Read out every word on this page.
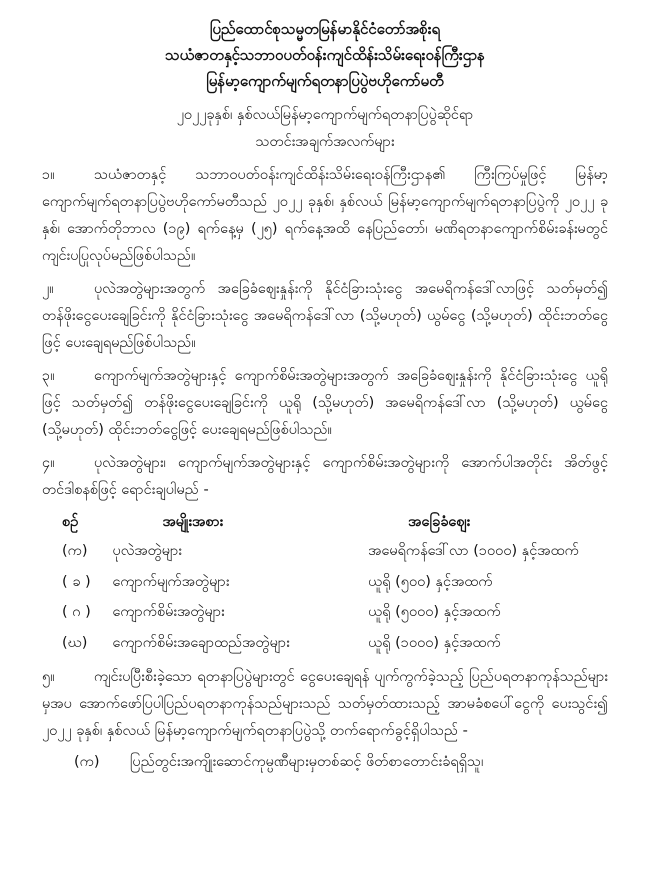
ပြည်ထောင်စုသမ္မတမြန်မာနိုင်ငံတော်အစိုးရ
သယံဇာတနှင့်သဘာဝပတ်ဝန်းကျင်ထိန်းသိမ်းရေးဝန်ကြီးဌာန
မြန်မာ့ကျောက်မျက်ရတနာပြပွဲဗဟိုကော်မတီ
၂၀၂၂ခုနှစ်၊ နှစ်လယ်မြန်မာ့ကျောက်မျက်ရတနာပြပွဲဆိုင်ရာ
သတင်းအချက်အလက်များ
၁။	သယံဇာတနှင့် သဘာဝပတ်ဝန်းကျင်ထိန်းသိမ်းရေးဝန်ကြီးဌာန၏ ကြီးကြပ်မှုဖြင့် မြန်မာ့ကျောက်မျက်ရတနာပြပွဲဗဟိုကော်မတီသည် ၂၀၂၂ ခုနှစ်၊ နှစ်လယ် မြန်မာ့ကျောက်မျက်ရတနာပြပွဲကို ၂၀၂၂ ခုနှစ်၊ အောက်တိုဘာလ (၁၉) ရက်နေ့မှ (၂၅) ရက်နေ့အထိ နေပြည်တော်၊ မဏိရတနာကျောက်စိမ်းခန်းမတွင် ကျင်းပပြုလုပ်မည်ဖြစ်ပါသည်။
၂။	ပုလဲအတွဲများအတွက် အခြေခံဈေးနှုန်းကို နိုင်ငံခြားသုံးငွေ အမေရိကန်ဒေါ်လာဖြင့် သတ်မှတ်၍ တန်ဖိုးငွေပေးချေခြင်းကို နိုင်ငံခြားသုံးငွေ အမေရိကန်ဒေါ်လာ (သို့မဟုတ်) ယွမ်ငွေ (သို့မဟုတ်) ထိုင်းဘတ်ငွေဖြင့် ပေးချေရမည်ဖြစ်ပါသည်။
၃။	ကျောက်မျက်အတွဲများနှင့် ကျောက်စိမ်းအတွဲများအတွက် အခြေခံဈေးနှုန်းကို နိုင်ငံခြားသုံးငွေ ယူရိုဖြင့် သတ်မှတ်၍ တန်ဖိုးငွေပေးချေခြင်းကို ယူရို (သို့မဟုတ်) အမေရိကန်ဒေါ်လာ (သို့မဟုတ်) ယွမ်ငွေ (သို့မဟုတ်) ထိုင်းဘတ်ငွေဖြင့် ပေးချေရမည်ဖြစ်ပါသည်။
၄။	ပုလဲအတွဲများ၊ ကျောက်မျက်အတွဲများနှင့် ကျောက်စိမ်းအတွဲများကို အောက်ပါအတိုင်း အိတ်ဖွင့်တင်ဒါစနစ်ဖြင့် ရောင်းချပါမည် -
စဉ်	အမျိုးအစား	အခြေခံဈေး
(က)	ပုလဲအတွဲများ	အမေရိကန်ဒေါ်လာ (၁၀၀၀) နှင့်အထက်
( ခ )	ကျောက်မျက်အတွဲများ	ယူရို (၅၀၀) နှင့်အထက်
( ဂ )	ကျောက်စိမ်းအတွဲများ	ယူရို (၅၀၀၀) နှင့်အထက်
(ဃ)	ကျောက်စိမ်းအချောထည်အတွဲများ	ယူရို (၁၀၀၀) နှင့်အထက်
၅။	ကျင်းပပြီးစီးခဲ့သော ရတနာပြပွဲများတွင် ငွေပေးချေရန် ပျက်ကွက်ခဲ့သည့် ပြည်ပရတနာကုန်သည်များမှအပ အောက်ဖော်ပြပါပြည်ပရတနာကုန်သည်များသည် သတ်မှတ်ထားသည့် အာမခံစပေါ်ငွေကို ပေးသွင်း၍ ၂၀၂၂ ခုနှစ်၊ နှစ်လယ် မြန်မာ့ကျောက်မျက်ရတနာပြပွဲသို့ တက်ရောက်ခွင့်ရှိပါသည် -
(က) ပြည်တွင်းအကျိုးဆောင်ကုမ္ပဏီများမှတစ်ဆင့် ဖိတ်စာတောင်းခံရရှိသူ၊
